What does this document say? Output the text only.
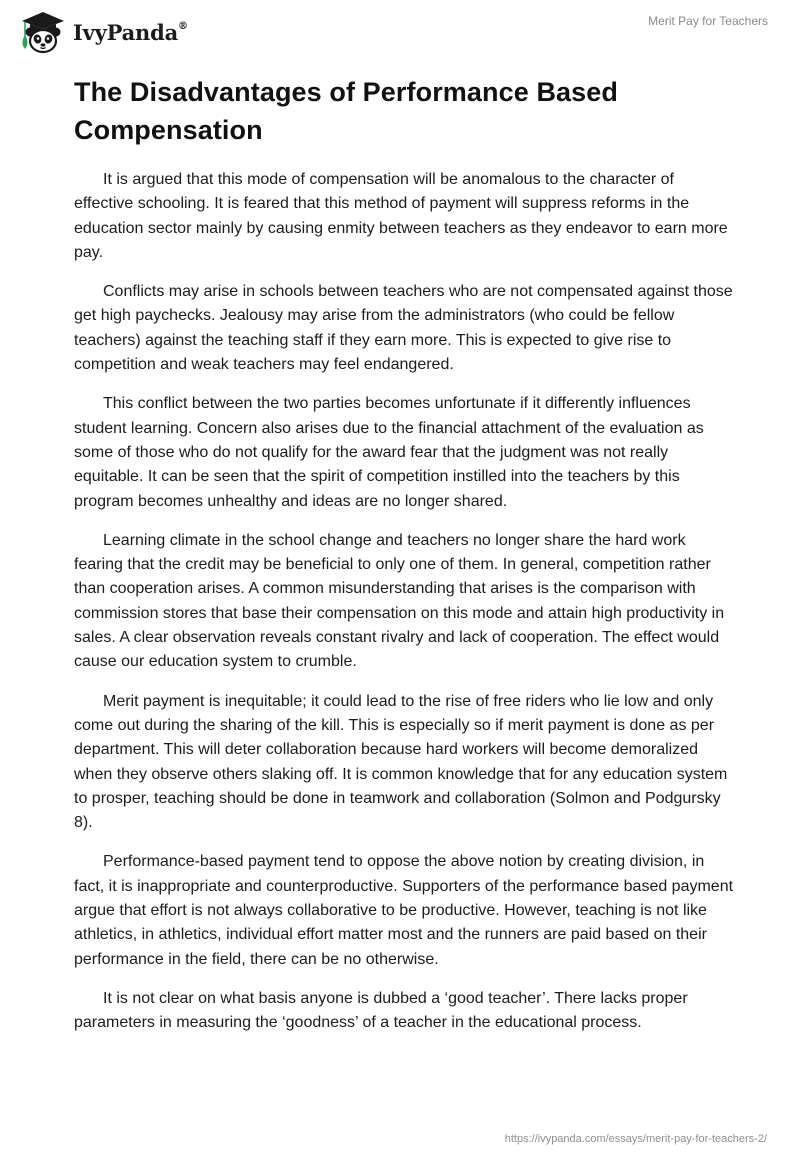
IvyPanda®	Merit Pay for Teachers
The Disadvantages of Performance Based Compensation

It is argued that this mode of compensation will be anomalous to the character of effective schooling. It is feared that this method of payment will suppress reforms in the education sector mainly by causing enmity between teachers as they endeavor to earn more pay.

Conflicts may arise in schools between teachers who are not compensated against those get high paychecks. Jealousy may arise from the administrators (who could be fellow teachers) against the teaching staff if they earn more. This is expected to give rise to competition and weak teachers may feel endangered.

This conflict between the two parties becomes unfortunate if it differently influences student learning. Concern also arises due to the financial attachment of the evaluation as some of those who do not qualify for the award fear that the judgment was not really equitable. It can be seen that the spirit of competition instilled into the teachers by this program becomes unhealthy and ideas are no longer shared.

Learning climate in the school change and teachers no longer share the hard work fearing that the credit may be beneficial to only one of them. In general, competition rather than cooperation arises. A common misunderstanding that arises is the comparison with commission stores that base their compensation on this mode and attain high productivity in sales. A clear observation reveals constant rivalry and lack of cooperation. The effect would cause our education system to crumble.

Merit payment is inequitable; it could lead to the rise of free riders who lie low and only come out during the sharing of the kill. This is especially so if merit payment is done as per department. This will deter collaboration because hard workers will become demoralized when they observe others slaking off. It is common knowledge that for any education system to prosper, teaching should be done in teamwork and collaboration (Solmon and Podgursky 8).

Performance-based payment tend to oppose the above notion by creating division, in fact, it is inappropriate and counterproductive. Supporters of the performance based payment argue that effort is not always collaborative to be productive. However, teaching is not like athletics, in athletics, individual effort matter most and the runners are paid based on their performance in the field, there can be no otherwise.

It is not clear on what basis anyone is dubbed a ‘good teacher’. There lacks proper parameters in measuring the ‘goodness’ of a teacher in the educational process.

https://ivypanda.com/essays/merit-pay-for-teachers-2/
